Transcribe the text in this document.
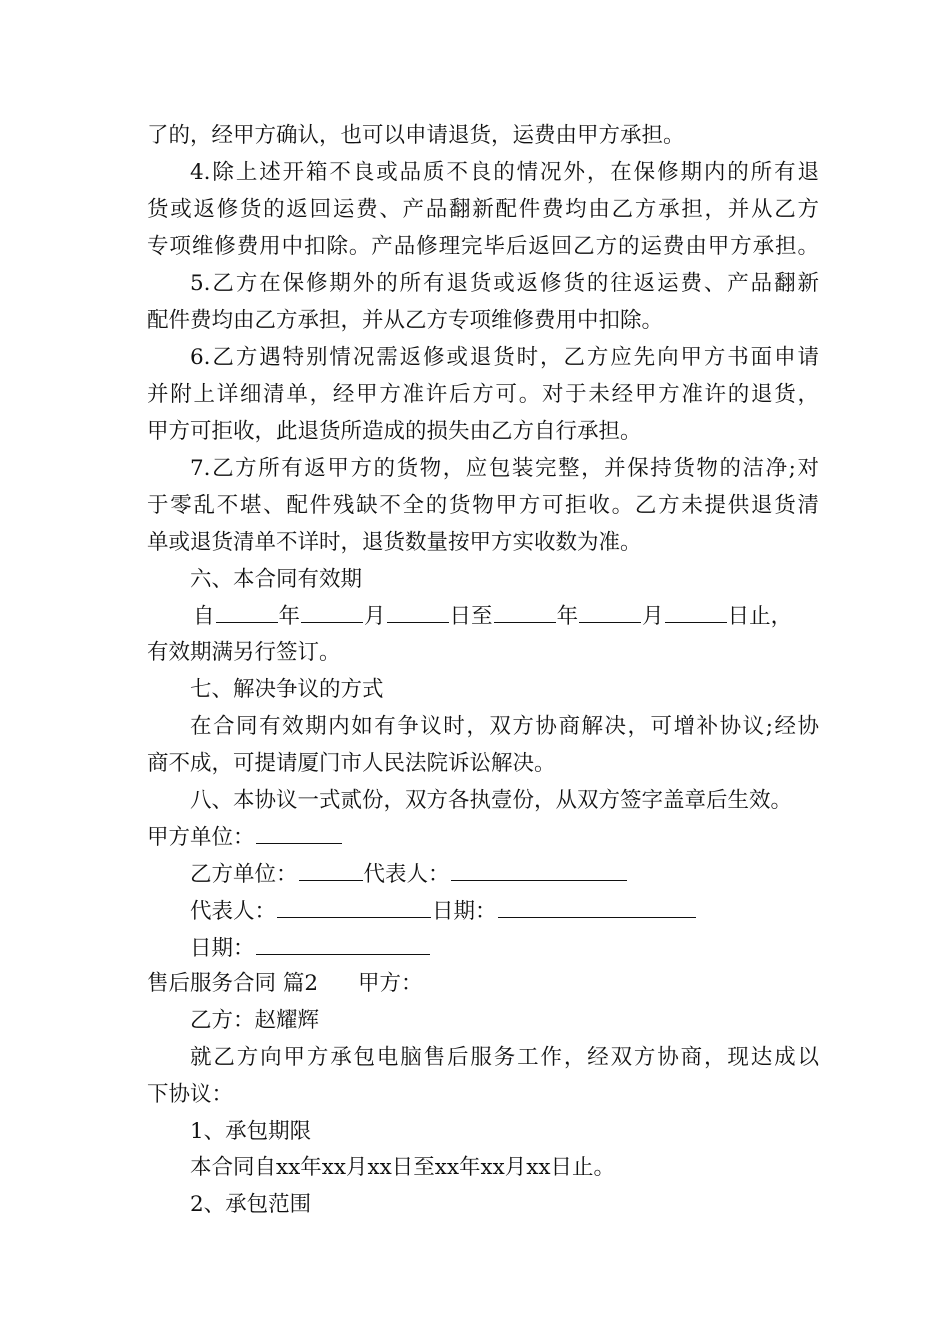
了的，经甲方确认，也可以申请退货，运费由甲方承担。
4.除上述开箱不良或品质不良的情况外，在保修期内的所有退
货或返修货的返回运费、产品翻新配件费均由乙方承担，并从乙方
专项维修费用中扣除。产品修理完毕后返回乙方的运费由甲方承担。
5.乙方在保修期外的所有退货或返修货的往返运费、产品翻新
配件费均由乙方承担，并从乙方专项维修费用中扣除。
6.乙方遇特别情况需返修或退货时，乙方应先向甲方书面申请
并附上详细清单，经甲方准许后方可。对于未经甲方准许的退货，
甲方可拒收，此退货所造成的损失由乙方自行承担。
7.乙方所有返甲方的货物，应包装完整，并保持货物的洁净;对
于零乱不堪、配件残缺不全的货物甲方可拒收。乙方未提供退货清
单或退货清单不详时，退货数量按甲方实收数为准。
六、本合同有效期
自	年	月	日至	年	月	日止，
有效期满另行签订。
七、解决争议的方式
在合同有效期内如有争议时，双方协商解决，可增补协议;经协
商不成，可提请厦门市人民法院诉讼解决。
八、本协议一式贰份，双方各执壹份，从双方签字盖章后生效。
甲方单位：
乙方单位：	代表人：
代表人：	日期：
日期：
售后服务合同 篇2 甲方：
乙方：赵耀辉
就乙方向甲方承包电脑售后服务工作，经双方协商，现达成以
下协议：
1、承包期限
本合同自xx年xx月xx日至xx年xx月xx日止。
2、承包范围
